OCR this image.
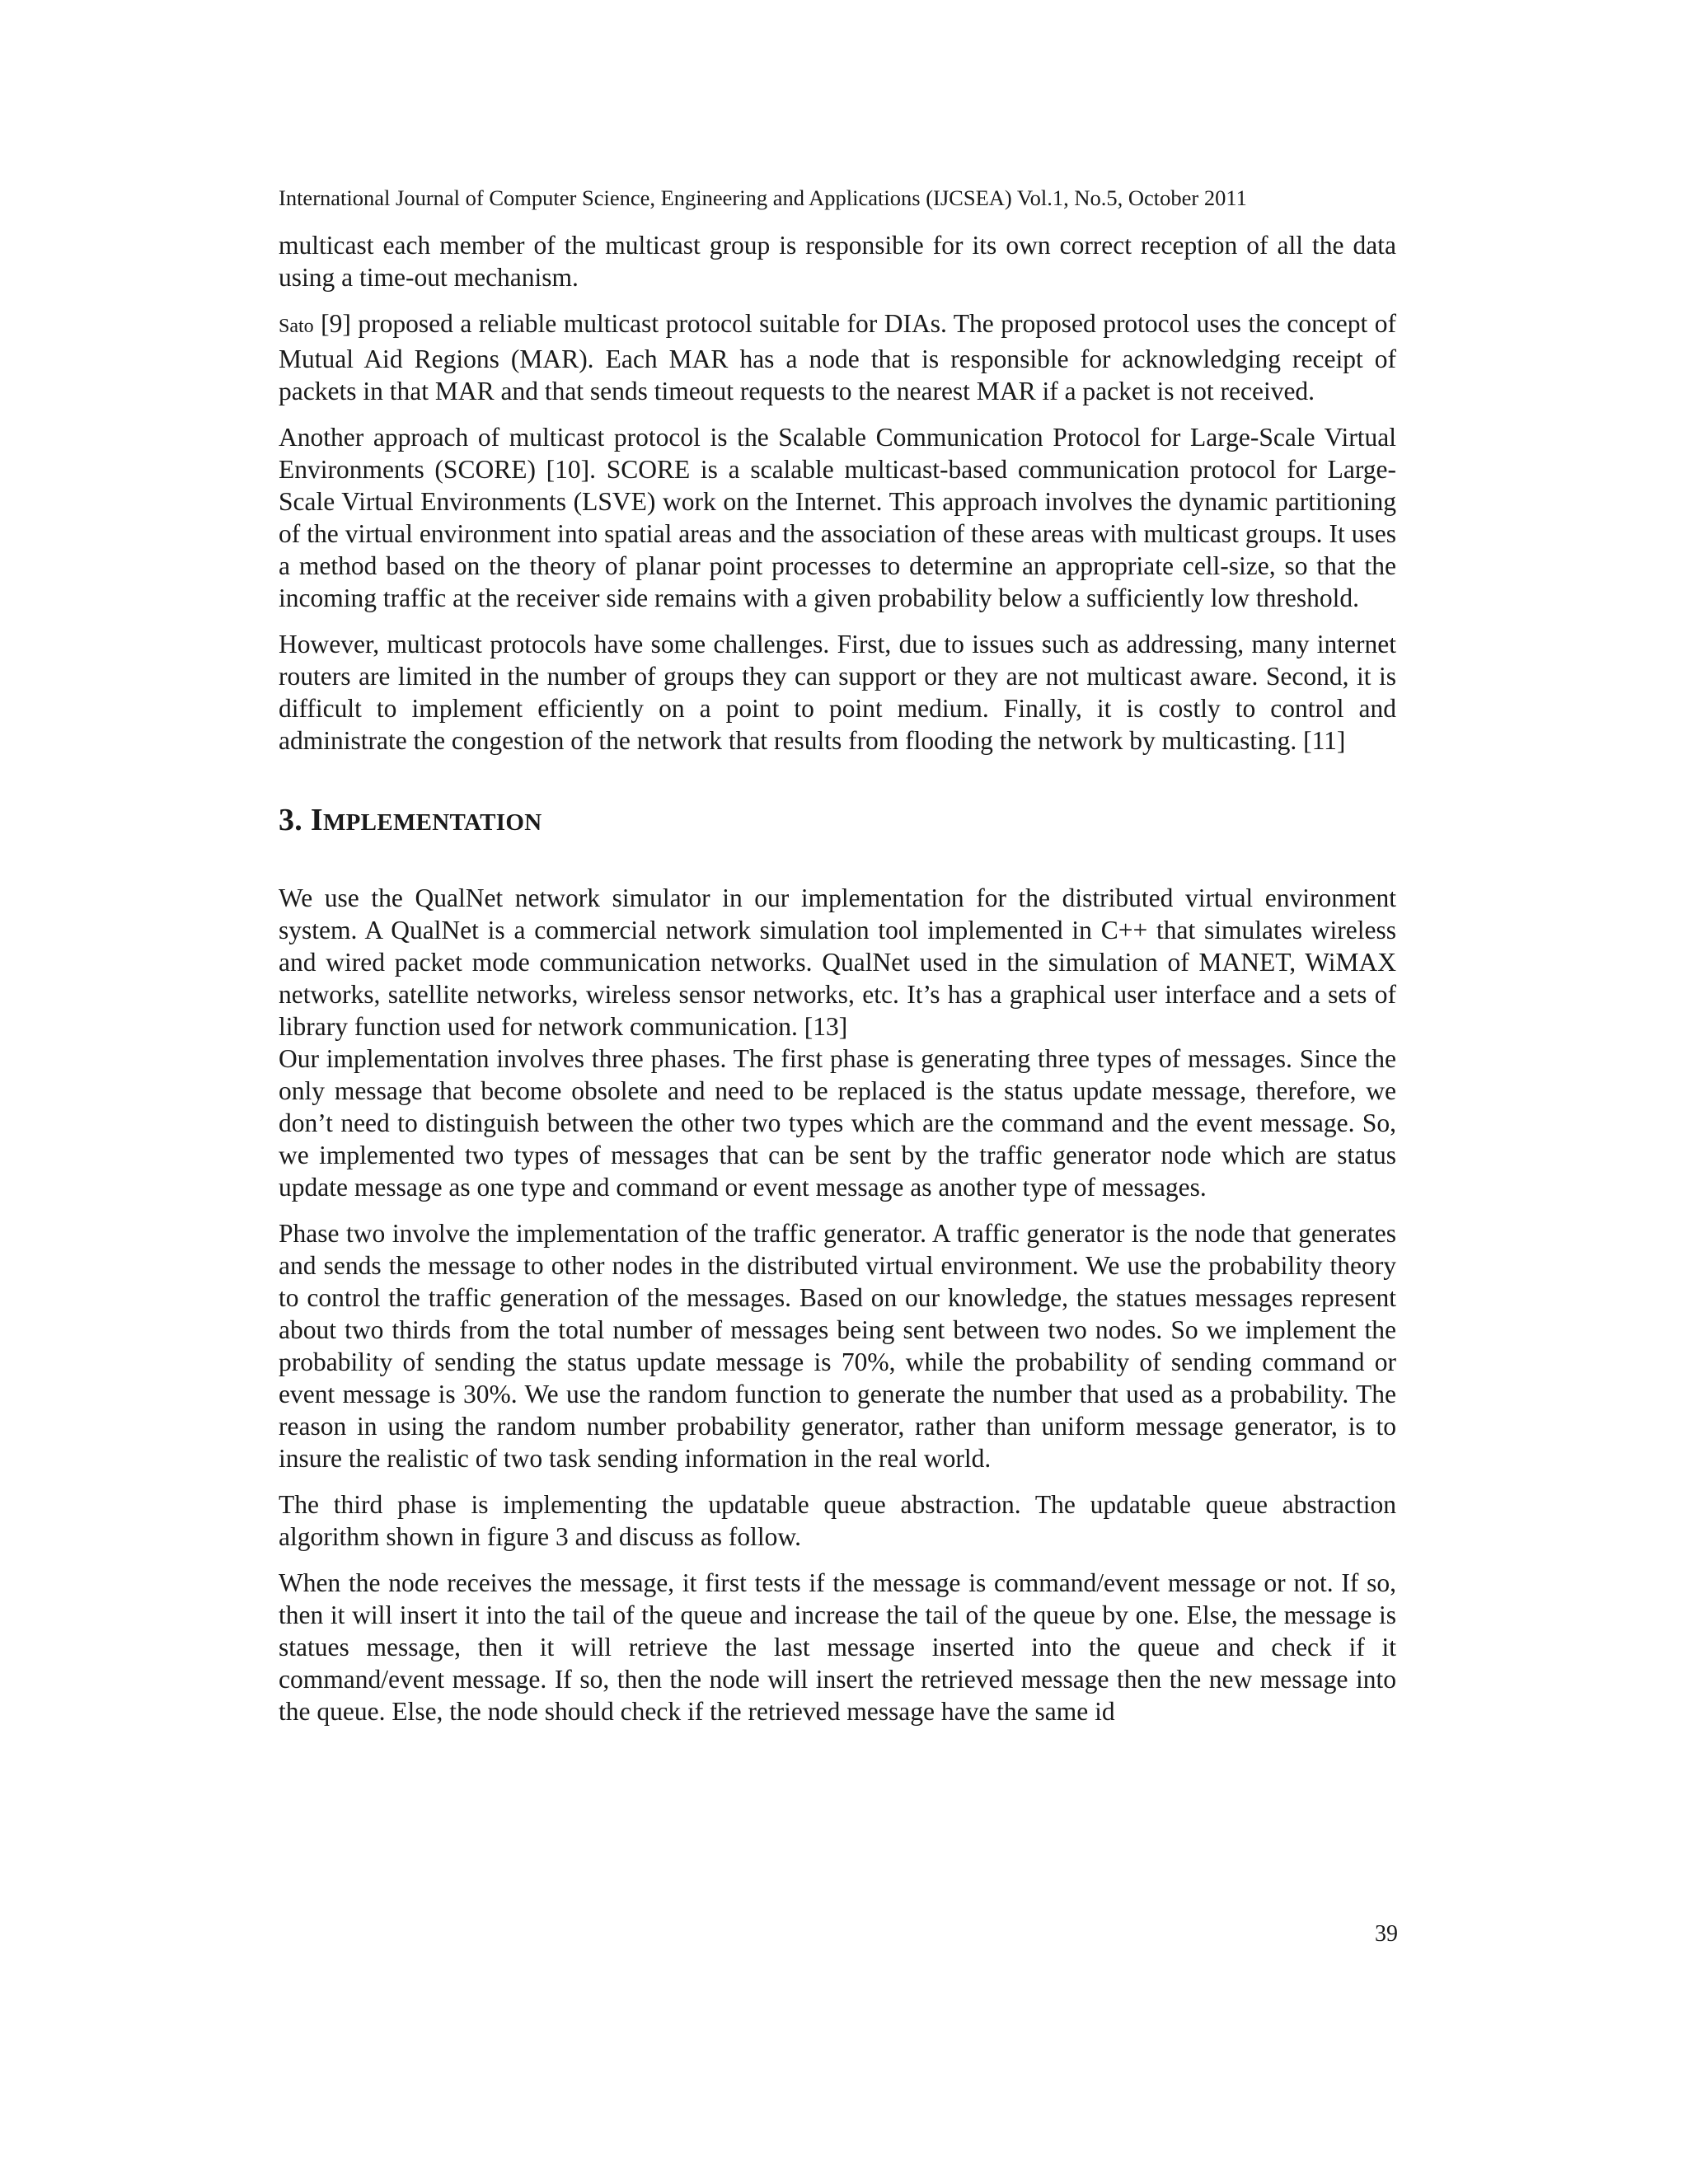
International Journal of Computer Science, Engineering and Applications (IJCSEA) Vol.1, No.5, October 2011

multicast each member of the multicast group is responsible for its own correct reception of all the data using a time-out mechanism.

Sato [9] proposed a reliable multicast protocol suitable for DIAs. The proposed protocol uses the concept of Mutual Aid Regions (MAR). Each MAR has a node that is responsible for acknowledging receipt of packets in that MAR and that sends timeout requests to the nearest MAR if a packet is not received.

Another approach of multicast protocol is the Scalable Communication Protocol for Large-Scale Virtual Environments (SCORE) [10]. SCORE is a scalable multicast-based communication protocol for Large-Scale Virtual Environments (LSVE) work on the Internet. This approach involves the dynamic partitioning of the virtual environment into spatial areas and the association of these areas with multicast groups. It uses a method based on the theory of planar point processes to determine an appropriate cell-size, so that the incoming traffic at the receiver side remains with a given probability below a sufficiently low threshold.

However, multicast protocols have some challenges. First, due to issues such as addressing, many internet routers are limited in the number of groups they can support or they are not multicast aware. Second, it is difficult to implement efficiently on a point to point medium. Finally, it is costly to control and administrate the congestion of the network that results from flooding the network by multicasting. [11]

3. IMPLEMENTATION

We use the QualNet network simulator in our implementation for the distributed virtual environment system. A QualNet is a commercial network simulation tool implemented in C++ that simulates wireless and wired packet mode communication networks. QualNet used in the simulation of MANET, WiMAX networks, satellite networks, wireless sensor networks, etc. It’s has a graphical user interface and a sets of library function used for network communication. [13]

Our implementation involves three phases. The first phase is generating three types of messages. Since the only message that become obsolete and need to be replaced is the status update message, therefore, we don’t need to distinguish between the other two types which are the command and the event message. So, we implemented two types of messages that can be sent by the traffic generator node which are status update message as one type and command or event message as another type of messages.

Phase two involve the implementation of the traffic generator. A traffic generator is the node that generates and sends the message to other nodes in the distributed virtual environment. We use the probability theory to control the traffic generation of the messages. Based on our knowledge, the statues messages represent about two thirds from the total number of messages being sent between two nodes. So we implement the probability of sending the status update message is 70%, while the probability of sending command or event message is 30%. We use the random function to generate the number that used as a probability. The reason in using the random number probability generator, rather than uniform message generator, is to insure the realistic of two task sending information in the real world.

The third phase is implementing the updatable queue abstraction. The updatable queue abstraction algorithm shown in figure 3 and discuss as follow.

When the node receives the message, it first tests if the message is command/event message or not. If so, then it will insert it into the tail of the queue and increase the tail of the queue by one. Else, the message is statues message, then it will retrieve the last message inserted into the queue and check if it command/event message. If so, then the node will insert the retrieved message then the new message into the queue. Else, the node should check if the retrieved message have the same id

39
